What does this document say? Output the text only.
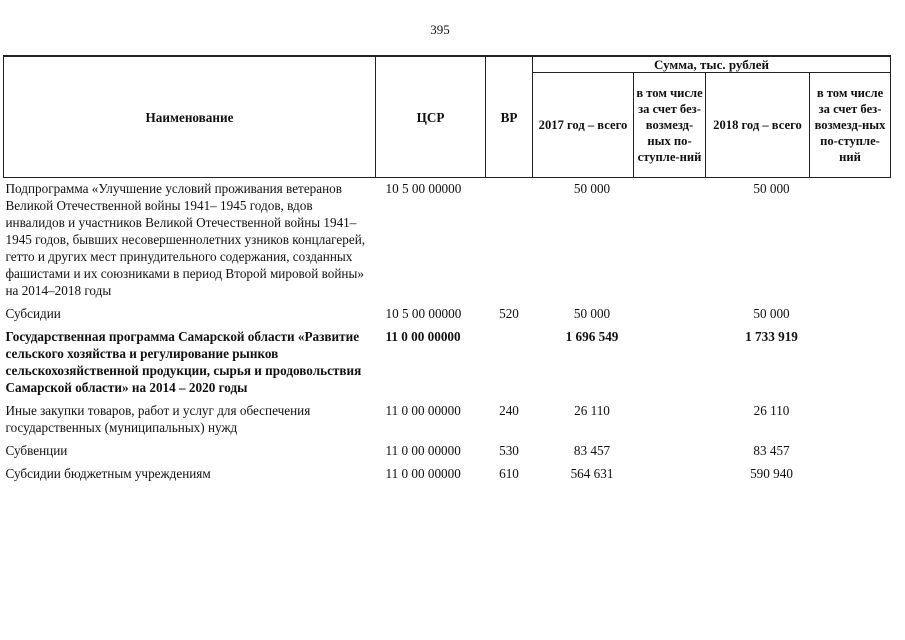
395
Наименование	ЦСР	ВР	Сумма, тыс. рублей			
			2017 год – всего	в том числе за счет без-возмезд-ных по-ступле-ний	2018 год – всего	в том числе за счет без-возмезд-ных по-ступле-ний
Подпрограмма «Улучшение условий проживания ветеранов Великой Отечественной войны 1941– 1945 годов, вдов инвалидов и участников Великой Отечественной войны 1941–1945 годов, бывших несовершеннолетних узников концлагерей, гетто и других мест принудительного содержания, созданных фашистами и их союзниками в период Второй мировой войны» на 2014–2018 годы	10 5 00 00000		50 000		50 000	
Субсидии	10 5 00 00000	520	50 000		50 000	
Государственная программа Самарской области «Развитие сельского хозяйства и регулирование рынков сельскохозяйственной продукции, сырья и продовольствия Самарской области» на 2014 – 2020 годы	11 0 00 00000		1 696 549		1 733 919	
Иные закупки товаров, работ и услуг для обеспечения государственных (муниципальных) нужд	11 0 00 00000	240	26 110		26 110	
Субвенции	11 0 00 00000	530	83 457		83 457	
Субсидии бюджетным учреждениям	11 0 00 00000	610	564 631		590 940	
